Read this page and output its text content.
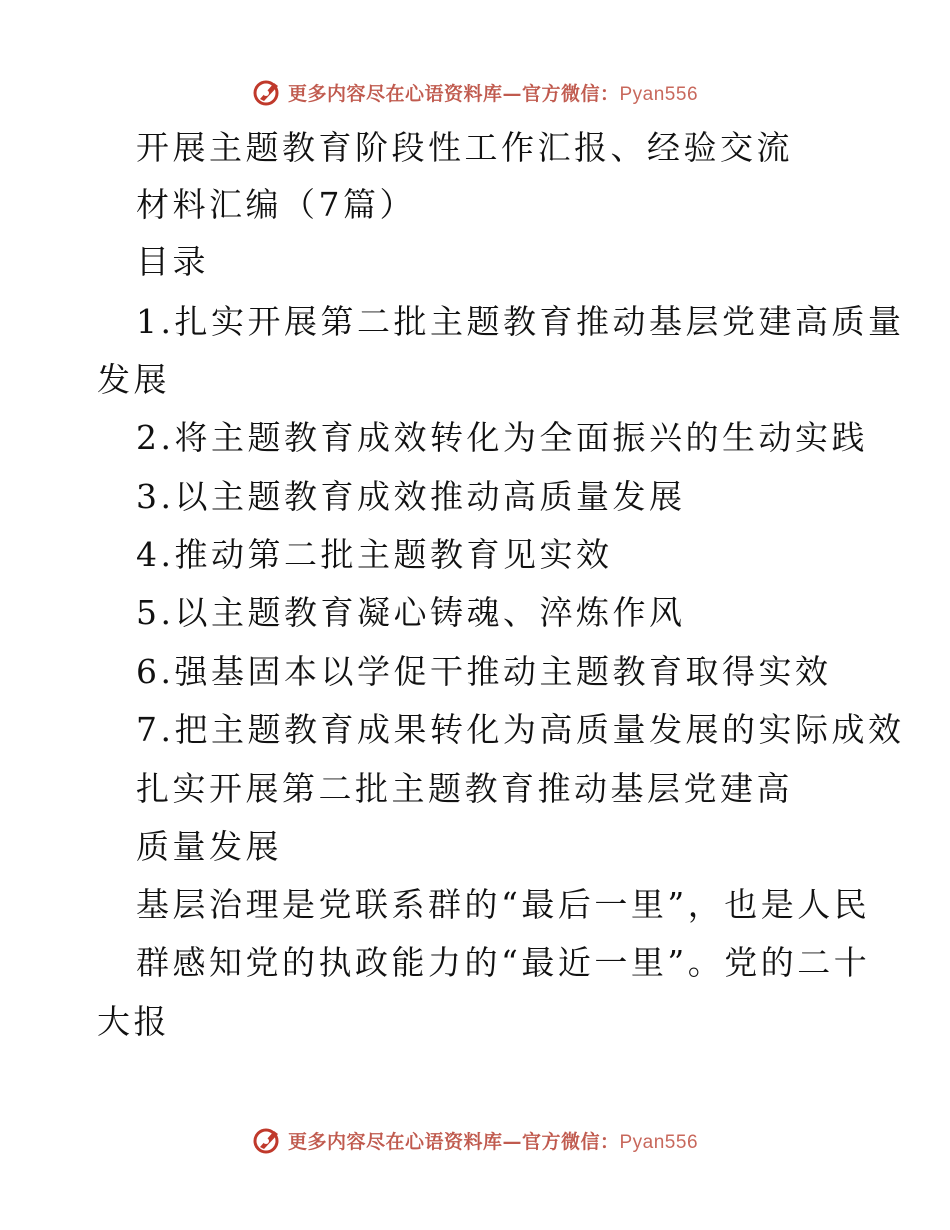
更多内容尽在心语资料库—官方微信：Pyan556
开展主题教育阶段性工作汇报、经验交流
材料汇编（7篇）
目录
1.扎实开展第二批主题教育推动基层党建高质量
发展
2.将主题教育成效转化为全面振兴的生动实践
3.以主题教育成效推动高质量发展
4.推动第二批主题教育见实效
5.以主题教育凝心铸魂、淬炼作风
6.强基固本以学促干推动主题教育取得实效
7.把主题教育成果转化为高质量发展的实际成效
扎实开展第二批主题教育推动基层党建高
质量发展
基层治理是党联系群的“最后一里”，也是人民
群感知党的执政能力的“最近一里”。党的二十
大报
更多内容尽在心语资料库—官方微信：Pyan556
